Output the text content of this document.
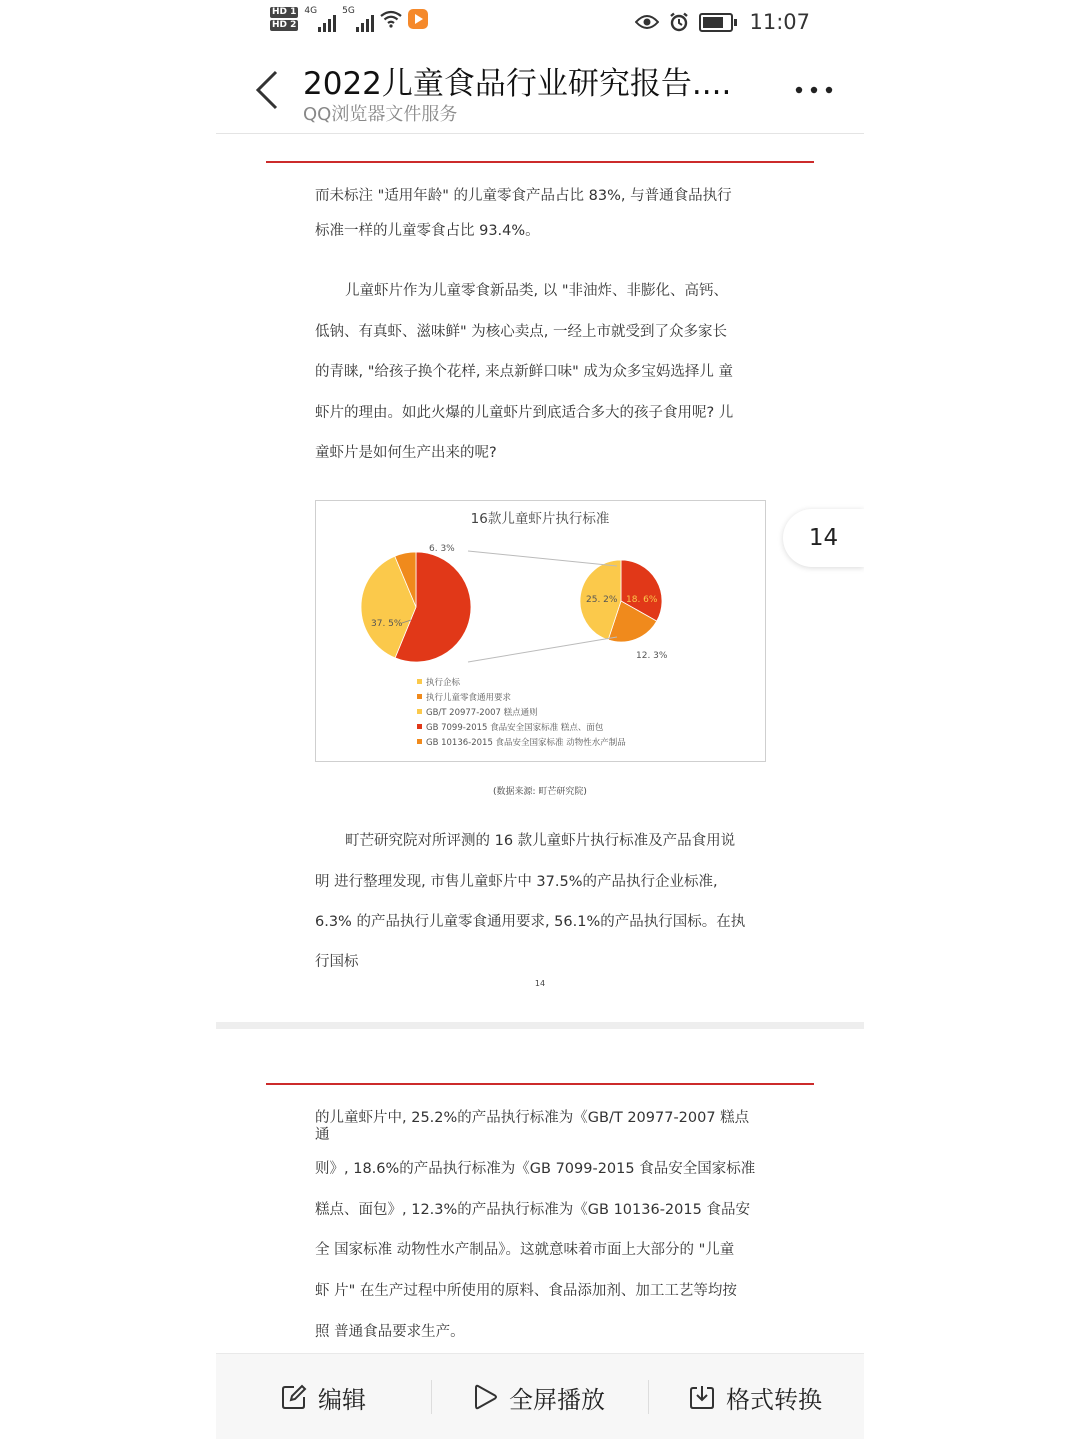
HD 1
HD 2
4G	5G	11:07
2022儿童食品行业研究报告....
QQ浏览器文件服务
而未标注 "适用年龄" 的儿童零食产品占比 83%, 与普通食品执行
标准一样的儿童零食占比 93.4%。
儿童虾片作为儿童零食新品类, 以 "非油炸、非膨化、高钙、
低钠、有真虾、滋味鲜" 为核心卖点, 一经上市就受到了众多家长
的青睐, "给孩子换个花样, 来点新鲜口味" 成为众多宝妈选择儿 童
虾片的理由。如此火爆的儿童虾片到底适合多大的孩子食用呢? 儿
童虾片是如何生产出来的呢?
16款儿童虾片执行标准
6. 3%
37. 5%
25. 2% 18. 6%
12. 3%
执行企标
执行儿童零食通用要求
GB/T 20977-2007 糕点通则
GB 7099-2015 食品安全国家标准 糕点、面包
GB 10136-2015 食品安全国家标准 动物性水产制品
(数据来源: 町芒研究院)
町芒研究院对所评测的 16 款儿童虾片执行标准及产品食用说
明 进行整理发现, 市售儿童虾片中 37.5%的产品执行企业标准,
6.3% 的产品执行儿童零食通用要求, 56.1%的产品执行国标。在执
行国标
14
的儿童虾片中, 25.2%的产品执行标准为《GB/T 20977-2007 糕点
通
则》, 18.6%的产品执行标准为《GB 7099-2015 食品安全国家标准
糕点、面包》, 12.3%的产品执行标准为《GB 10136-2015 食品安
全 国家标准 动物性水产制品》。这就意味着市面上大部分的 "儿童
虾 片" 在生产过程中所使用的原料、食品添加剂、加工工艺等均按
照 普通食品要求生产。
14
编辑	全屏播放	格式转换
